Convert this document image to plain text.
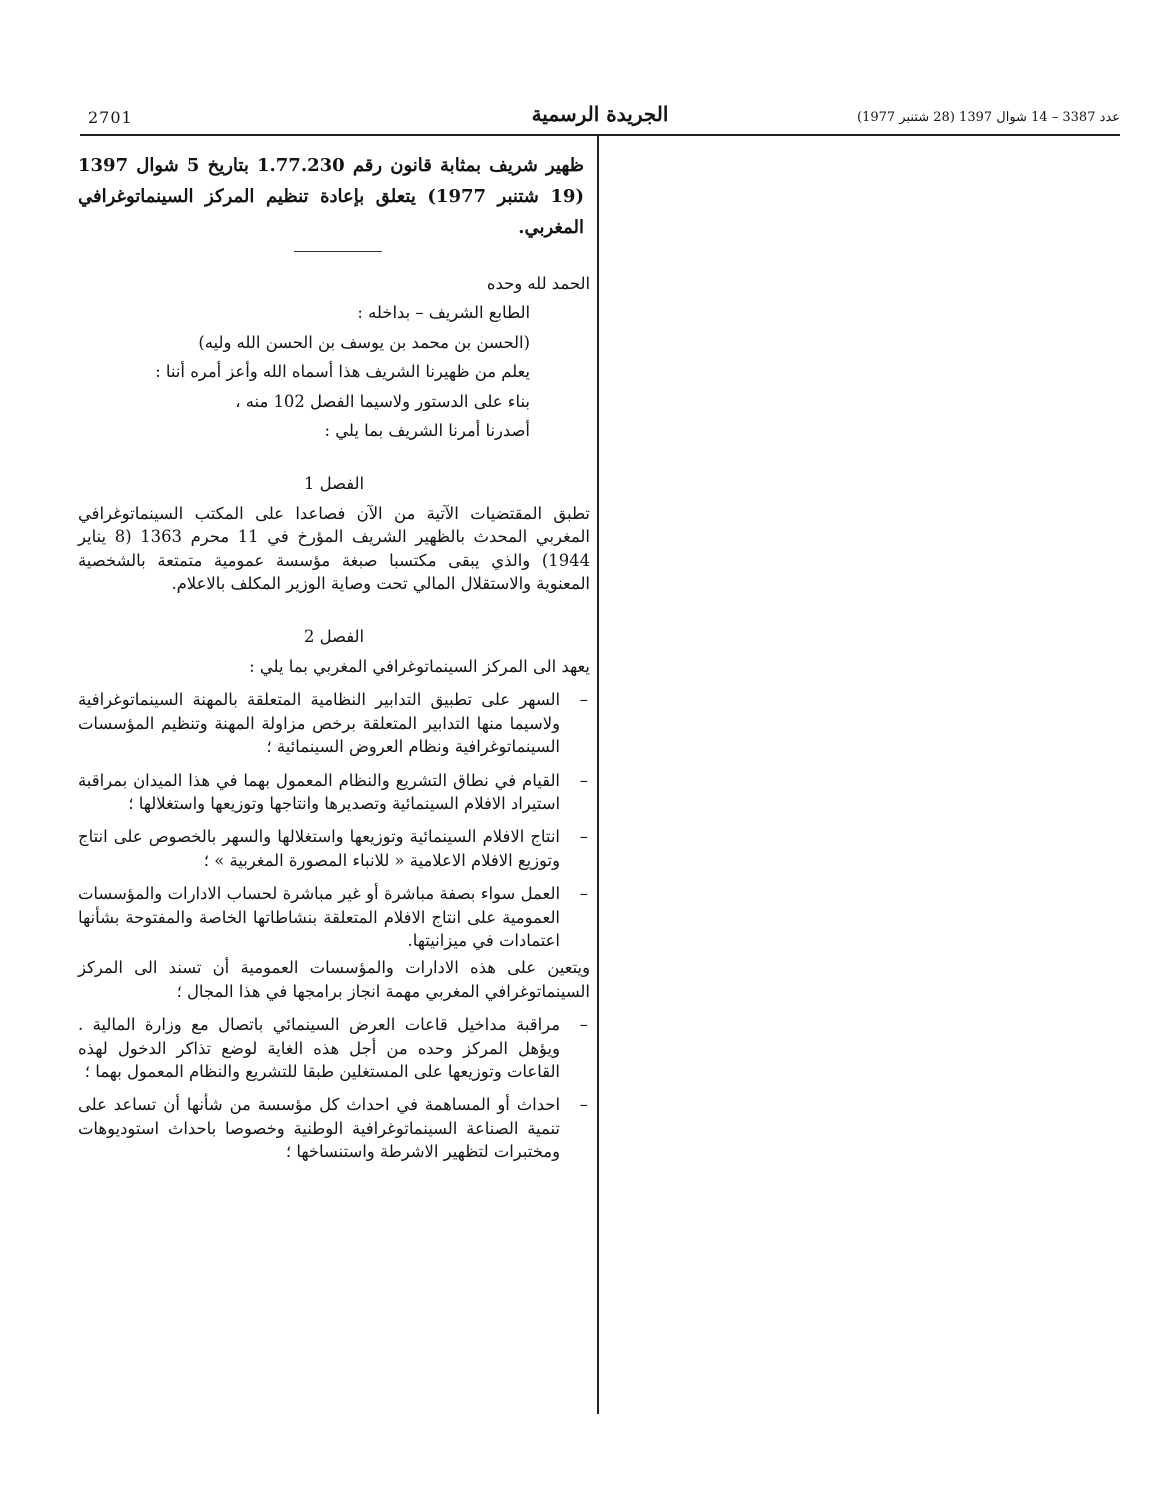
2701	الجريدة الرسمية	عدد 3387 – 14 شوال 1397 (28 شتنبر 1977)
ظهير شريف بمثابة قانون رقم 1.77.230 بتاريخ 5 شوال 1397 (19 شتنبر 1977) يتعلق بإعادة تنظيم المركز السينماتوغرافي المغربي.
الحمد لله وحده
الطابع الشريف – بداخله :
(الحسن بن محمد بن يوسف بن الحسن الله وليه)
يعلم من ظهيرنا الشريف هذا أسماه الله وأعز أمره أننا :
بناء على الدستور ولاسيما الفصل 102 منه ،
أصدرنا أمرنا الشريف بما يلي :
الفصل 1

تطبق المقتضيات الآتية من الآن فصاعدا على المكتب السينماتوغرافي المغربي المحدث بالظهير الشريف المؤرخ في 11 محرم 1363 (8 يناير 1944) والذي يبقى مكتسبا صبغة مؤسسة عمومية متمتعة بالشخصية المعنوية والاستقلال المالي تحت وصاية الوزير المكلف بالاعلام.

الفصل 2

يعهد الى المركز السينماتوغرافي المغربي بما يلي :

–
السهر على تطبيق التدابير النظامية المتعلقة بالمهنة السينماتوغرافية ولاسيما منها التدابير المتعلقة برخص مزاولة المهنة وتنظيم المؤسسات السينماتوغرافية ونظام العروض السينمائية ؛
–
القيام في نطاق التشريع والنظام المعمول بهما في هذا الميدان بمراقبة استيراد الافلام السينمائية وتصديرها وانتاجها وتوزيعها واستغلالها ؛
–
انتاج الافلام السينمائية وتوزيعها واستغلالها والسهر بالخصوص على انتاج وتوزيع الافلام الاعلامية « للانباء المصورة المغربية » ؛
–
العمل سواء بصفة مباشرة أو غير مباشرة لحساب الادارات والمؤسسات العمومية على انتاج الافلام المتعلقة بنشاطاتها الخاصة والمفتوحة بشأنها اعتمادات في ميزانيتها.

ويتعين على هذه الادارات والمؤسسات العمومية أن تسند الى المركز السينماتوغرافي المغربي مهمة انجاز برامجها في هذا المجال ؛

–
مراقبة مداخيل قاعات العرض السينمائي باتصال مع وزارة المالية . ويؤهل المركز وحده من أجل هذه الغاية لوضع تذاكر الدخول لهذه القاعات وتوزيعها على المستغلين طبقا للتشريع والنظام المعمول بهما ؛
–
احداث أو المساهمة في احداث كل مؤسسة من شأنها أن تساعد على تنمية الصناعة السينماتوغرافية الوطنية وخصوصا باحداث استوديوهات ومختبرات لتظهير الاشرطة واستنساخها ؛
